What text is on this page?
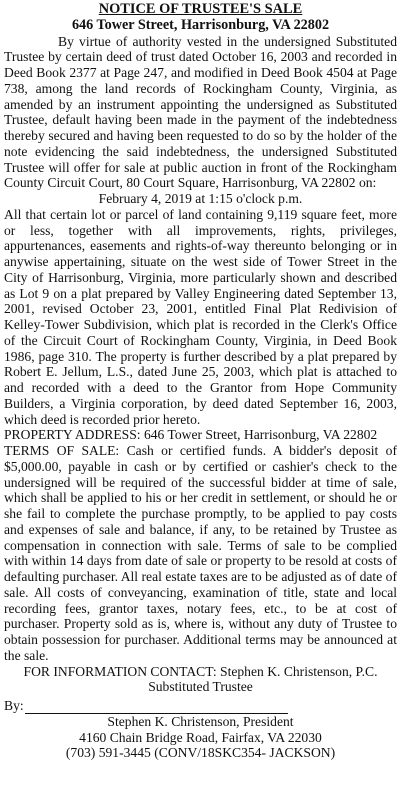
NOTICE OF TRUSTEE'S SALE
646 Tower Street, Harrisonburg, VA 22802

By virtue of authority vested in the undersigned Substituted Trustee by certain deed of trust dated October 16, 2003 and recorded in Deed Book 2377 at Page 247, and modified in Deed Book 4504 at Page 738, among the land records of Rockingham County, Virginia, as amended by an instrument appointing the undersigned as Substituted Trustee, default having been made in the payment of the indebtedness thereby secured and having been requested to do so by the holder of the note evidencing the said indebtedness, the undersigned Substituted Trustee will offer for sale at public auction in front of the Rockingham County Circuit Court, 80 Court Square, Harrisonburg, VA 22802 on:

February 4, 2019 at 1:15 o'clock p.m.

All that certain lot or parcel of land containing 9,119 square feet, more or less, together with all improvements, rights, privileges, appurtenances, easements and rights-of-way thereunto belonging or in anywise appertaining, situate on the west side of Tower Street in the City of Harrisonburg, Virginia, more particularly shown and described as Lot 9 on a plat prepared by Valley Engineering dated September 13, 2001, revised October 23, 2001, entitled Final Plat Redivision of Kelley-Tower Subdivision, which plat is recorded in the Clerk's Office of the Circuit Court of Rockingham County, Virginia, in Deed Book 1986, page 310. The property is further described by a plat prepared by Robert E. Jellum, L.S., dated June 25, 2003, which plat is attached to and recorded with a deed to the Grantor from Hope Community Builders, a Virginia corporation, by deed dated September 16, 2003, which deed is recorded prior hereto.

PROPERTY ADDRESS: 646 Tower Street, Harrisonburg, VA 22802

TERMS OF SALE: Cash or certified funds. A bidder's deposit of $5,000.00, payable in cash or by certified or cashier's check to the undersigned will be required of the successful bidder at time of sale, which shall be applied to his or her credit in settlement, or should he or she fail to complete the purchase promptly, to be applied to pay costs and expenses of sale and balance, if any, to be retained by Trustee as compensation in connection with sale. Terms of sale to be complied with within 14 days from date of sale or property to be resold at costs of defaulting purchaser. All real estate taxes are to be adjusted as of date of sale. All costs of conveyancing, examination of title, state and local recording fees, grantor taxes, notary fees, etc., to be at cost of purchaser. Property sold as is, where is, without any duty of Trustee to obtain possession for purchaser. Additional terms may be announced at the sale.

FOR INFORMATION CONTACT: Stephen K. Christenson, P.C.
Substituted Trustee
By:
Stephen K. Christenson, President
4160 Chain Bridge Road, Fairfax, VA 22030
(703) 591-3445 (CONV/18SKC354- JACKSON)
